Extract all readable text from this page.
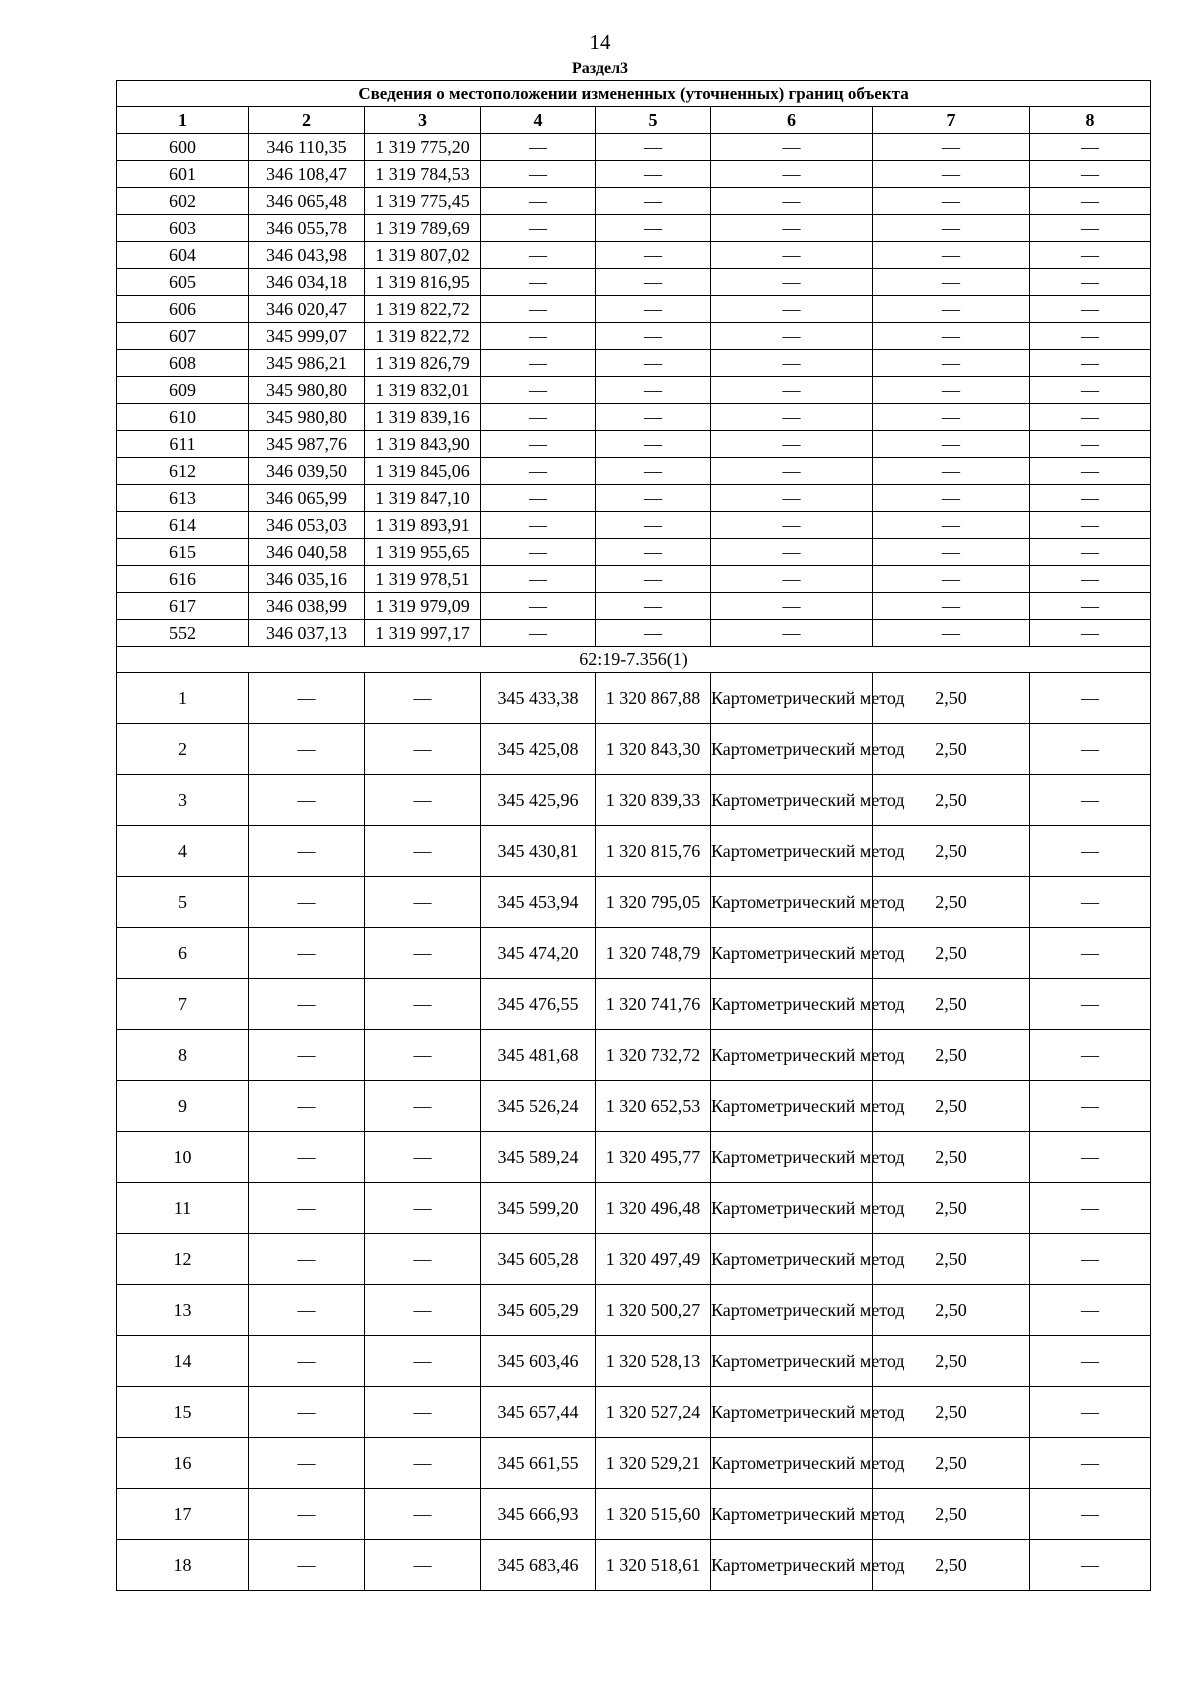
14
Раздел3
Сведения о местоположении измененных (уточненных) границ объекта							
1	2	3	4	5	6	7	8
600	346 110,35	1 319 775,20	—	—	—	—	—
601	346 108,47	1 319 784,53	—	—	—	—	—
602	346 065,48	1 319 775,45	—	—	—	—	—
603	346 055,78	1 319 789,69	—	—	—	—	—
604	346 043,98	1 319 807,02	—	—	—	—	—
605	346 034,18	1 319 816,95	—	—	—	—	—
606	346 020,47	1 319 822,72	—	—	—	—	—
607	345 999,07	1 319 822,72	—	—	—	—	—
608	345 986,21	1 319 826,79	—	—	—	—	—
609	345 980,80	1 319 832,01	—	—	—	—	—
610	345 980,80	1 319 839,16	—	—	—	—	—
611	345 987,76	1 319 843,90	—	—	—	—	—
612	346 039,50	1 319 845,06	—	—	—	—	—
613	346 065,99	1 319 847,10	—	—	—	—	—
614	346 053,03	1 319 893,91	—	—	—	—	—
615	346 040,58	1 319 955,65	—	—	—	—	—
616	346 035,16	1 319 978,51	—	—	—	—	—
617	346 038,99	1 319 979,09	—	—	—	—	—
552	346 037,13	1 319 997,17	—	—	—	—	—
62:19-7.356(1)							
1	—	—	345 433,38	1 320 867,88	Картометрический метод	2,50	—
2	—	—	345 425,08	1 320 843,30	Картометрический метод	2,50	—
3	—	—	345 425,96	1 320 839,33	Картометрический метод	2,50	—
4	—	—	345 430,81	1 320 815,76	Картометрический метод	2,50	—
5	—	—	345 453,94	1 320 795,05	Картометрический метод	2,50	—
6	—	—	345 474,20	1 320 748,79	Картометрический метод	2,50	—
7	—	—	345 476,55	1 320 741,76	Картометрический метод	2,50	—
8	—	—	345 481,68	1 320 732,72	Картометрический метод	2,50	—
9	—	—	345 526,24	1 320 652,53	Картометрический метод	2,50	—
10	—	—	345 589,24	1 320 495,77	Картометрический метод	2,50	—
11	—	—	345 599,20	1 320 496,48	Картометрический метод	2,50	—
12	—	—	345 605,28	1 320 497,49	Картометрический метод	2,50	—
13	—	—	345 605,29	1 320 500,27	Картометрический метод	2,50	—
14	—	—	345 603,46	1 320 528,13	Картометрический метод	2,50	—
15	—	—	345 657,44	1 320 527,24	Картометрический метод	2,50	—
16	—	—	345 661,55	1 320 529,21	Картометрический метод	2,50	—
17	—	—	345 666,93	1 320 515,60	Картометрический метод	2,50	—
18	—	—	345 683,46	1 320 518,61	Картометрический метод	2,50	—
